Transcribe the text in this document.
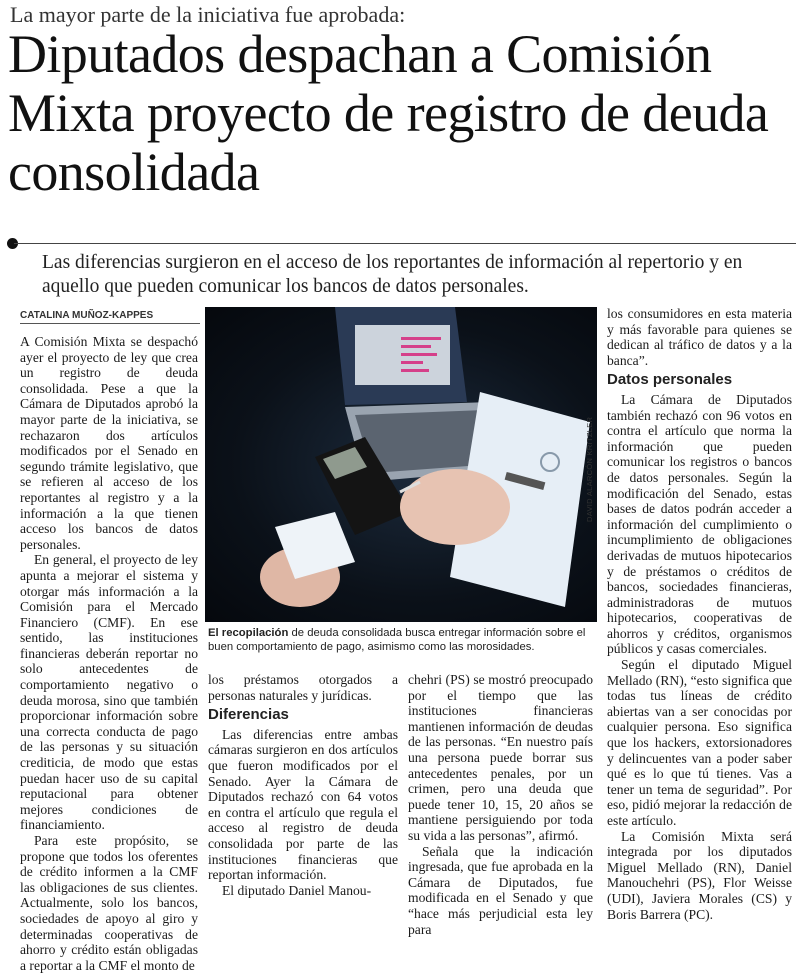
La mayor parte de la iniciativa fue aprobada:
Diputados despachan a Comisión Mixta proyecto de registro de deuda consolidada
Las diferencias surgieron en el acceso de los reportantes de información al repertorio y en aquello que pueden comunicar los bancos de datos personales.
CATALINA MUÑOZ-KAPPES

A Comisión Mixta se despachó ayer el proyecto de ley que crea un registro de deuda consolidada. Pese a que la Cámara de Diputados aprobó la mayor parte de la iniciativa, se rechazaron dos artículos modificados por el Senado en segundo trámite legislativo, que se refieren al acceso de los reportantes al registro y a la información a la que tienen acceso los bancos de datos personales.

En general, el proyecto de ley apunta a mejorar el sistema y otorgar más información a la Comisión para el Mercado Financiero (CMF). En ese sentido, las instituciones financieras deberán reportar no solo antecedentes de comportamiento negativo o deuda morosa, sino que también proporcionar información sobre una correcta conducta de pago de las personas y su situación crediticia, de modo que estas puedan hacer uso de su capital reputacional para obtener mejores condiciones de financiamiento.

Para este propósito, se propone que todos los oferentes de crédito informen a la CMF las obligaciones de sus clientes. Actualmente, solo los bancos, sociedades de apoyo al giro y determinadas cooperativas de ahorro y crédito están obligadas a reportar a la CMF el monto de

DAVID ALARCÓN KRITZLER
El recopilación de deuda consolidada busca entregar información sobre el buen comportamiento de pago, asimismo como las morosidades.

los préstamos otorgados a personas naturales y jurídicas.

Diferencias

Las diferencias entre ambas cámaras surgieron en dos artículos que fueron modificados por el Senado. Ayer la Cámara de Diputados rechazó con 64 votos en contra el artículo que regula el acceso al registro de deuda consolidada por parte de las instituciones financieras que reportan información.

El diputado Daniel Manou-

chehri (PS) se mostró preocupado por el tiempo que las instituciones financieras mantienen información de deudas de las personas. “En nuestro país una persona puede borrar sus antecedentes penales, por un crimen, pero una deuda que puede tener 10, 15, 20 años se mantiene persiguiendo por toda su vida a las personas”, afirmó.

Señala que la indicación ingresada, que fue aprobada en la Cámara de Diputados, fue modificada en el Senado y que “hace más perjudicial esta ley para

los consumidores en esta materia y más favorable para quienes se dedican al tráfico de datos y a la banca”.

Datos personales

La Cámara de Diputados también rechazó con 96 votos en contra el artículo que norma la información que pueden comunicar los registros o bancos de datos personales. Según la modificación del Senado, estas bases de datos podrán acceder a información del cumplimiento o incumplimiento de obligaciones derivadas de mutuos hipotecarios y de préstamos o créditos de bancos, sociedades financieras, administradoras de mutuos hipotecarios, cooperativas de ahorros y créditos, organismos públicos y casas comerciales.

Según el diputado Miguel Mellado (RN), “esto significa que todas tus líneas de crédito abiertas van a ser conocidas por cualquier persona. Eso significa que los hackers, extorsionadores y delincuentes van a poder saber qué es lo que tú tienes. Vas a tener un tema de seguridad”. Por eso, pidió mejorar la redacción de este artículo.

La Comisión Mixta será integrada por los diputados Miguel Mellado (RN), Daniel Manouchehri (PS), Flor Weisse (UDI), Javiera Morales (CS) y Boris Barrera (PC).
